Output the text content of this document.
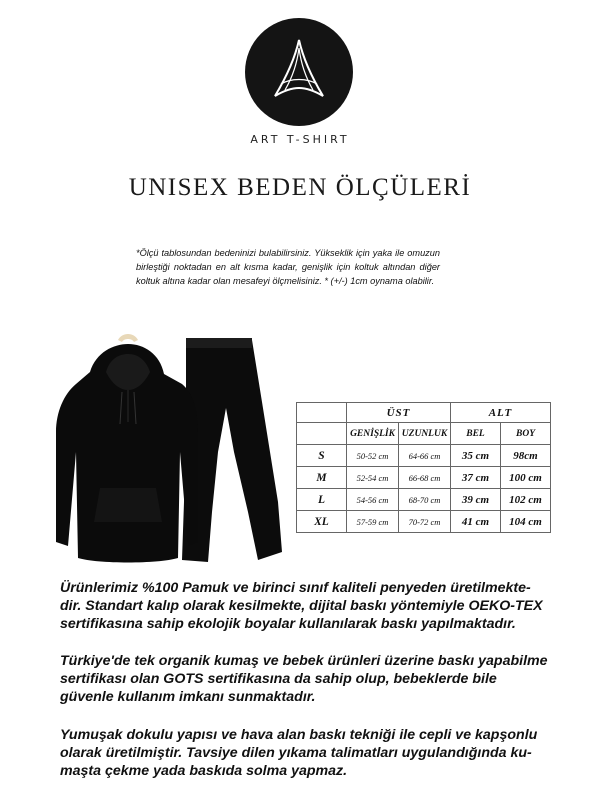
ART T-SHIRT
UNISEX BEDEN ÖLÇÜLERİ
*Ölçü tablosundan bedeninizi bulabilirsiniz. Yükseklik için yaka ile omuzun birleştiği noktadan en alt kısma kadar, genişlik için koltuk altından diğer koltuk altına kadar olan mesafeyi ölçmelisiniz. * (+/-) 1cm oynama olabilir.
	ÜST		ALT	
	GENİŞLİK	UZUNLUK	BEL	BOY
S	50-52 cm	64-66 cm	35 cm	98cm
M	52-54 cm	66-68 cm	37 cm	100 cm
L	54-56 cm	68-70 cm	39 cm	102 cm
XL	57-59 cm	70-72 cm	41 cm	104 cm
Ürünlerimiz %100 Pamuk ve birinci sınıf kaliteli penyeden üretilmekte-dir. Standart kalıp olarak kesilmekte, dijital baskı yöntemiyle OEKO-TEX sertifikasına sahip ekolojik boyalar kullanılarak baskı yapılmaktadır.
Türkiye'de tek organik kumaş ve bebek ürünleri üzerine baskı yapabilme sertifikası olan GOTS sertifikasına da sahip olup, bebeklerde bile güvenle kullanım imkanı sunmaktadır.
Yumuşak dokulu yapısı ve hava alan baskı tekniği ile cepli ve kapşonlu olarak üretilmiştir. Tavsiye dilen yıkama talimatları uygulandığında ku-maşta çekme yada baskıda solma yapmaz.
